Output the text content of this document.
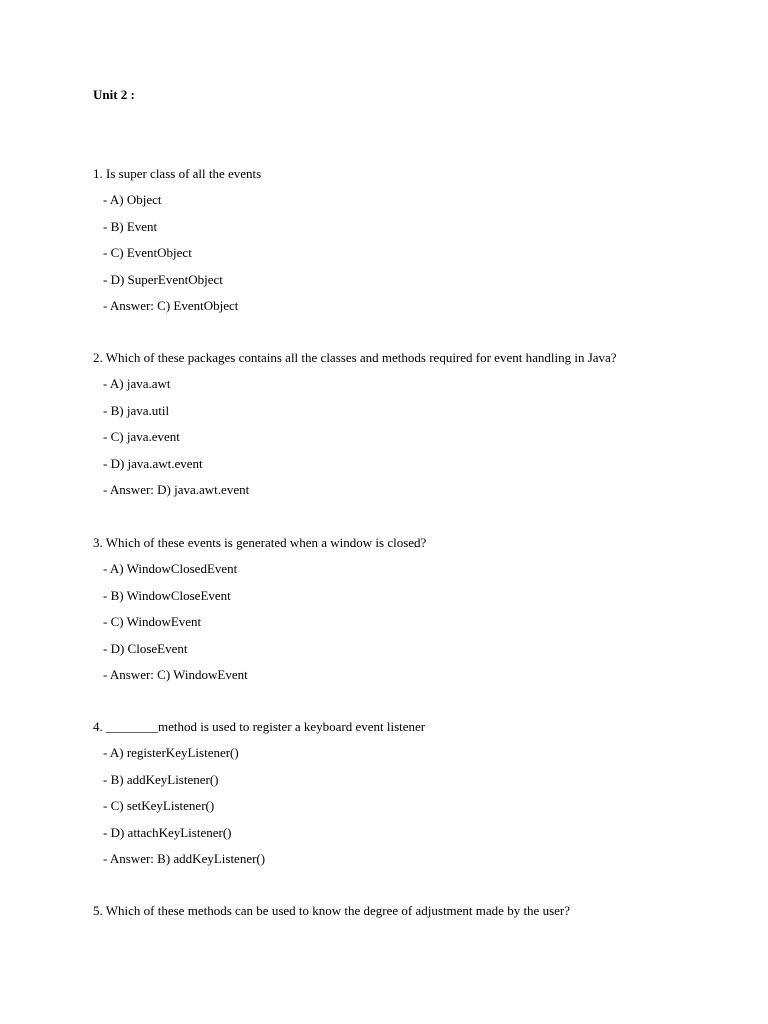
Unit 2 :

1. Is super class of all the events

- A) Object

- B) Event

- C) EventObject

- D) SuperEventObject

- Answer: C) EventObject

2. Which of these packages contains all the classes and methods required for event handling in Java?

- A) java.awt

- B) java.util

- C) java.event

- D) java.awt.event

- Answer: D) java.awt.event

3. Which of these events is generated when a window is closed?

- A) WindowClosedEvent

- B) WindowCloseEvent

- C) WindowEvent

- D) CloseEvent

- Answer: C) WindowEvent

4. ________method is used to register a keyboard event listener

- A) registerKeyListener()

- B) addKeyListener()

- C) setKeyListener()

- D) attachKeyListener()

- Answer: B) addKeyListener()

5. Which of these methods can be used to know the degree of adjustment made by the user?
